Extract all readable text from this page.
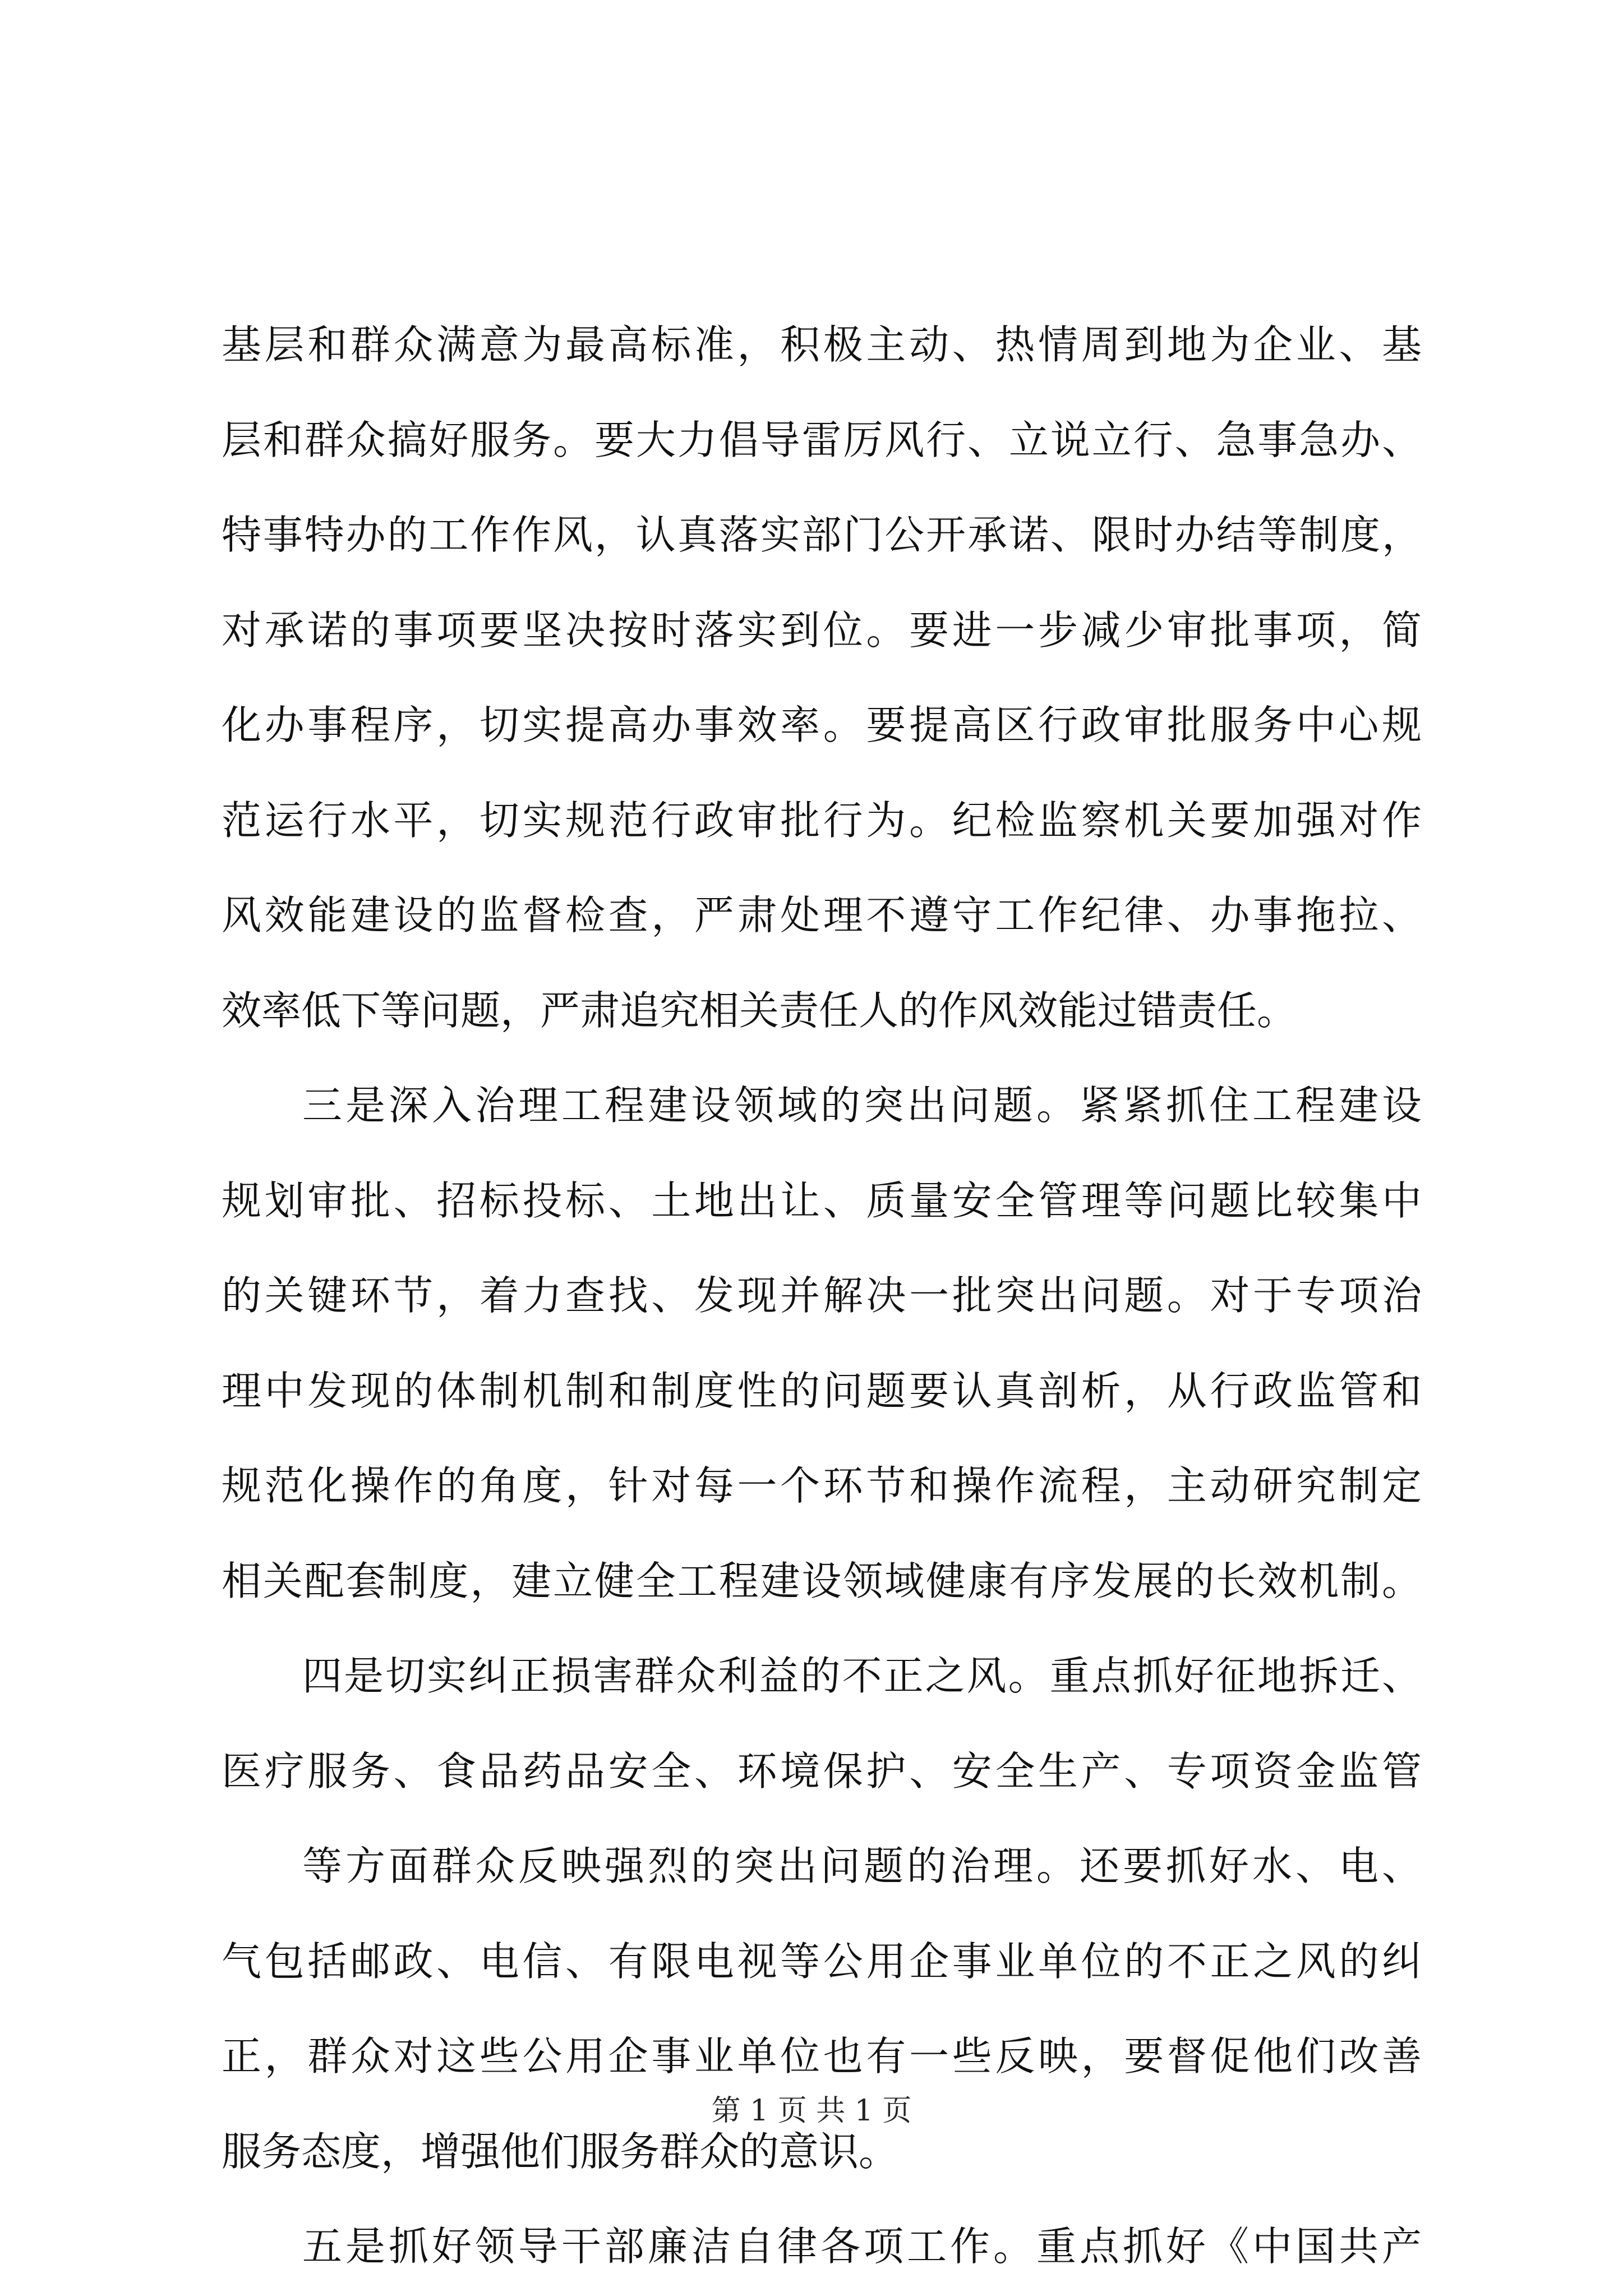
基层和群众满意为最高标准，积极主动、热情周到地为企业、基
层和群众搞好服务。要大力倡导雷厉风行、立说立行、急事急办、
特事特办的工作作风，认真落实部门公开承诺、限时办结等制度，
对承诺的事项要坚决按时落实到位。要进一步减少审批事项，简
化办事程序，切实提高办事效率。要提高区行政审批服务中心规
范运行水平，切实规范行政审批行为。纪检监察机关要加强对作
风效能建设的监督检查，严肃处理不遵守工作纪律、办事拖拉、
效率低下等问题，严肃追究相关责任人的作风效能过错责任。
三是深入治理工程建设领域的突出问题。紧紧抓住工程建设
规划审批、招标投标、土地出让、质量安全管理等问题比较集中
的关键环节，着力查找、发现并解决一批突出问题。对于专项治
理中发现的体制机制和制度性的问题要认真剖析，从行政监管和
规范化操作的角度，针对每一个环节和操作流程，主动研究制定
相关配套制度，建立健全工程建设领域健康有序发展的长效机制。
四是切实纠正损害群众利益的不正之风。重点抓好征地拆迁、
医疗服务、食品药品安全、环境保护、安全生产、专项资金监管
等方面群众反映强烈的突出问题的治理。还要抓好水、电、
气包括邮政、电信、有限电视等公用企事业单位的不正之风的纠
正，群众对这些公用企事业单位也有一些反映，要督促他们改善
服务态度，增强他们服务群众的意识。
五是抓好领导干部廉洁自律各项工作。重点抓好《中国共产
第 1 页 共 1 页
